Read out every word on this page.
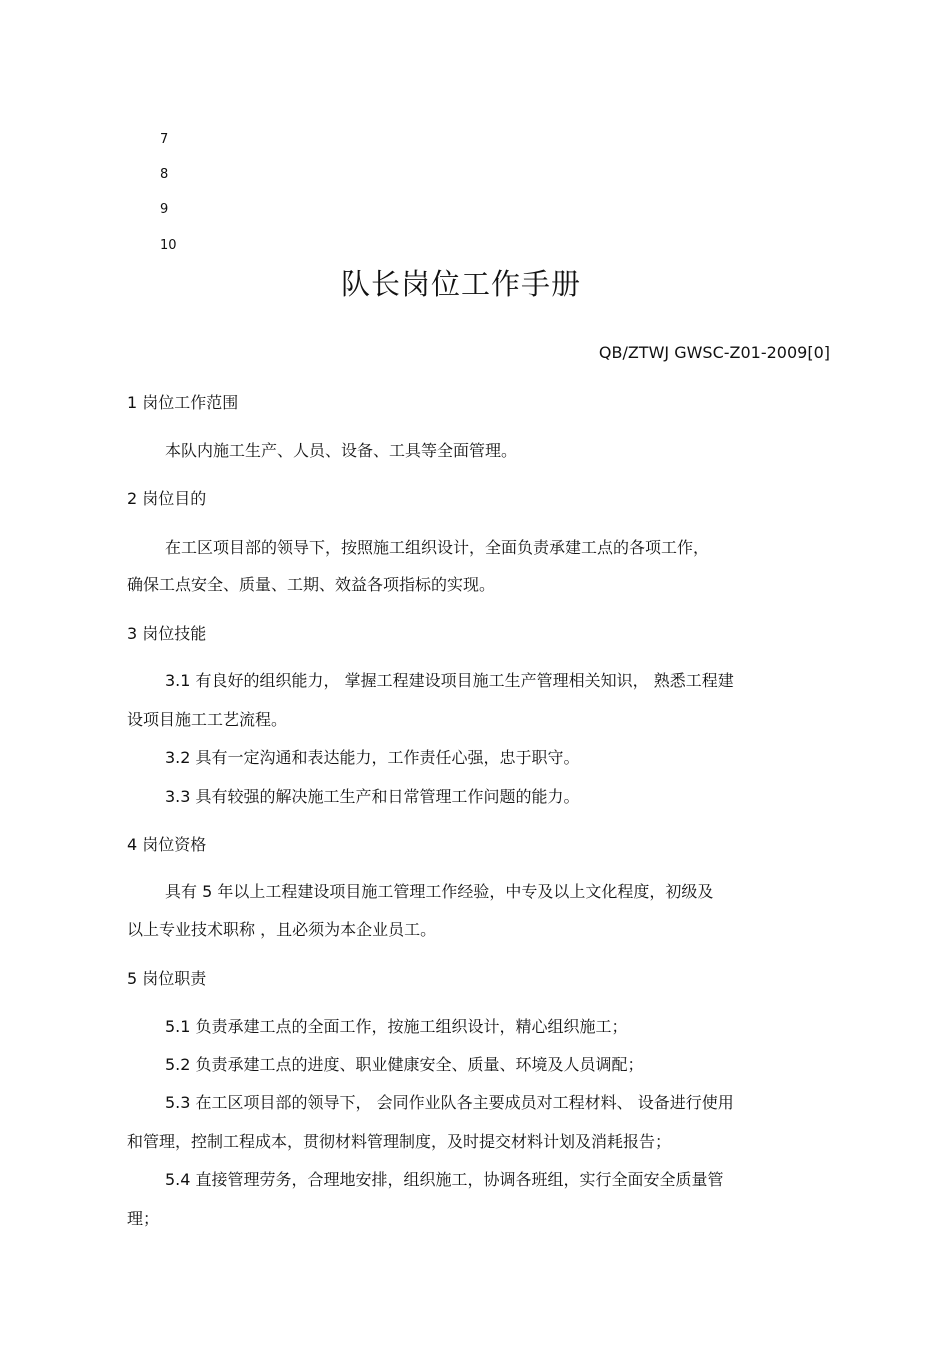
7
8
9
10
队长岗位工作手册
QB/ZTWJ GWSC-Z01-2009[0]
1 岗位工作范围
本队内施工生产、人员、设备、工具等全面管理。
2 岗位目的
在工区项目部的领导下，按照施工组织设计，全面负责承建工点的各项工作，
确保工点安全、质量、工期、效益各项指标的实现。
3 岗位技能
3.1 有良好的组织能力， 掌握工程建设项目施工生产管理相关知识， 熟悉工程建
设项目施工工艺流程。
3.2 具有一定沟通和表达能力，工作责任心强，忠于职守。
3.3 具有较强的解决施工生产和日常管理工作问题的能力。
4 岗位资格
具有 5 年以上工程建设项目施工管理工作经验，中专及以上文化程度，初级及
以上专业技术职称 ，且必须为本企业员工。
5 岗位职责
5.1 负责承建工点的全面工作，按施工组织设计，精心组织施工；
5.2 负责承建工点的进度、职业健康安全、质量、环境及人员调配；
5.3 在工区项目部的领导下， 会同作业队各主要成员对工程材料、 设备进行使用
和管理，控制工程成本，贯彻材料管理制度，及时提交材料计划及消耗报告；
5.4 直接管理劳务，合理地安排，组织施工，协调各班组，实行全面安全质量管
理；
